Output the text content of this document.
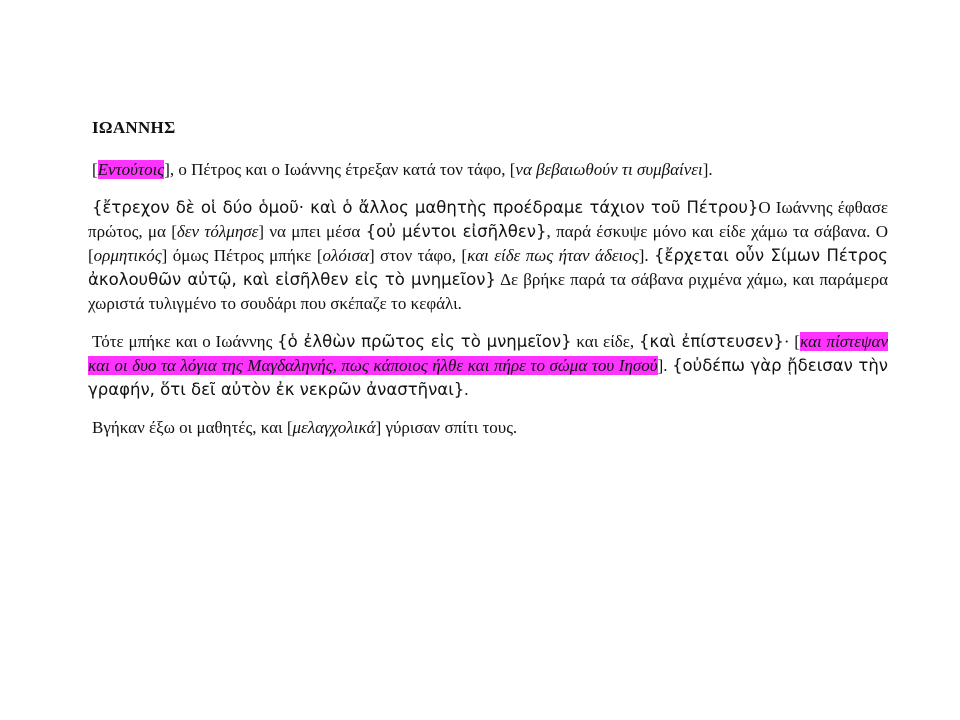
ΙΩΑΝΝΗΣ

[Εντούτοις], ο Πέτρος και ο Ιωάννης έτρεξαν κατά τον τάφο, [να βεβαιωθούν τι συμβαίνει].

{ἔτρεχον δὲ οἱ δύο ὁμοῦ· καὶ ὁ ἄλλος μαθητὴς προέδραμε τάχιον τοῦ Πέτρου}Ο Ιωάννης έφθασε πρώτος, μα [δεν τόλμησε] να μπει μέσα {οὐ μέντοι εἰσῆλθεν}, παρά έσκυψε μόνο και είδε χάμω τα σάβανα. Ο [ορμητικός] όμως Πέτρος μπήκε [ολόισα] στον τάφο, [και είδε πως ήταν άδειος]. {ἔρχεται οὖν Σίμων Πέτρος ἀκολουθῶν αὐτῷ, καὶ εἰσῆλθεν εἰς τὸ μνημεῖον} Δε βρήκε παρά τα σάβανα ριχμένα χάμω, και παράμερα χωριστά τυλιγμένο το σουδάρι που σκέπαζε το κεφάλι.

Τότε μπήκε και ο Ιωάννης {ὁ ἐλθὼν πρῶτος εἰς τὸ μνημεῖον} και είδε, {καὶ ἐπίστευσεν}· [και πίστεψαν και οι δυο τα λόγια της Μαγδαληνής, πως κάποιος ήλθε και πήρε το σώμα του Ιησού]. {οὐδέπω γὰρ ᾔδεισαν τὴν γραφήν, ὅτι δεῖ αὐτὸν ἐκ νεκρῶν ἀναστῆναι}.

Βγήκαν έξω οι μαθητές, και [μελαγχολικά] γύρισαν σπίτι τους.
